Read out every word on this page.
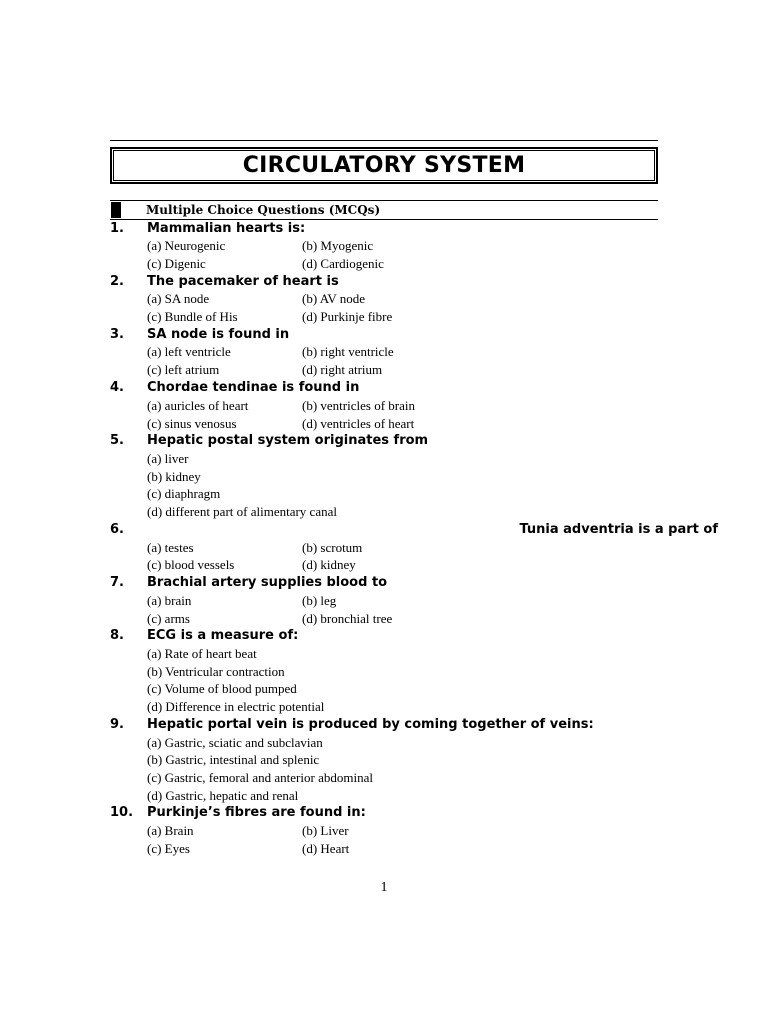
CIRCULATORY SYSTEM
Multiple Choice Questions (MCQs)
1. Mammalian hearts is:
(a) Neurogenic	(b) Myogenic
(c) Digenic	(d) Cardiogenic
2. The pacemaker of heart is
(a) SA node	(b) AV node
(c) Bundle of His	(d) Purkinje fibre
3. SA node is found in
(a) left ventricle	(b) right ventricle
(c) left atrium	(d) right atrium
4. Chordae tendinae is found in
(a) auricles of heart	(b) ventricles of brain
(c) sinus venosus	(d) ventricles of heart
5. Hepatic postal system originates from
(a) liver
(b) kidney
(c) diaphragm
(d) different part of alimentary canal
6.	Tunia adventria is a part of
(a) testes	(b) scrotum
(c) blood vessels	(d) kidney
7. Brachial artery supplies blood to
(a) brain	(b) leg
(c) arms	(d) bronchial tree
8. ECG is a measure of:
(a) Rate of heart beat
(b) Ventricular contraction
(c) Volume of blood pumped
(d) Difference in electric potential
9. Hepatic portal vein is produced by coming together of veins:
(a) Gastric, sciatic and subclavian
(b) Gastric, intestinal and splenic
(c) Gastric, femoral and anterior abdominal
(d) Gastric, hepatic and renal
10. Purkinje’s fibres are found in:
(a) Brain	(b) Liver
(c) Eyes	(d) Heart
1
